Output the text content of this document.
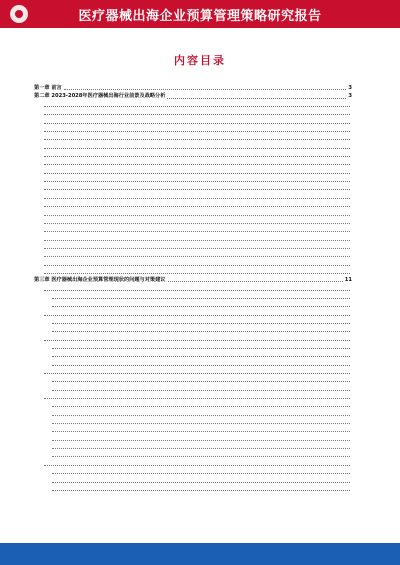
医疗器械出海企业预算管理策略研究报告
内容目录
第一章 前言	3
第二章 2023-2028年医疗器械出海行业前景及战略分析	3
第三章 医疗器械出海企业预算管理现状的问题与对策建议	11
